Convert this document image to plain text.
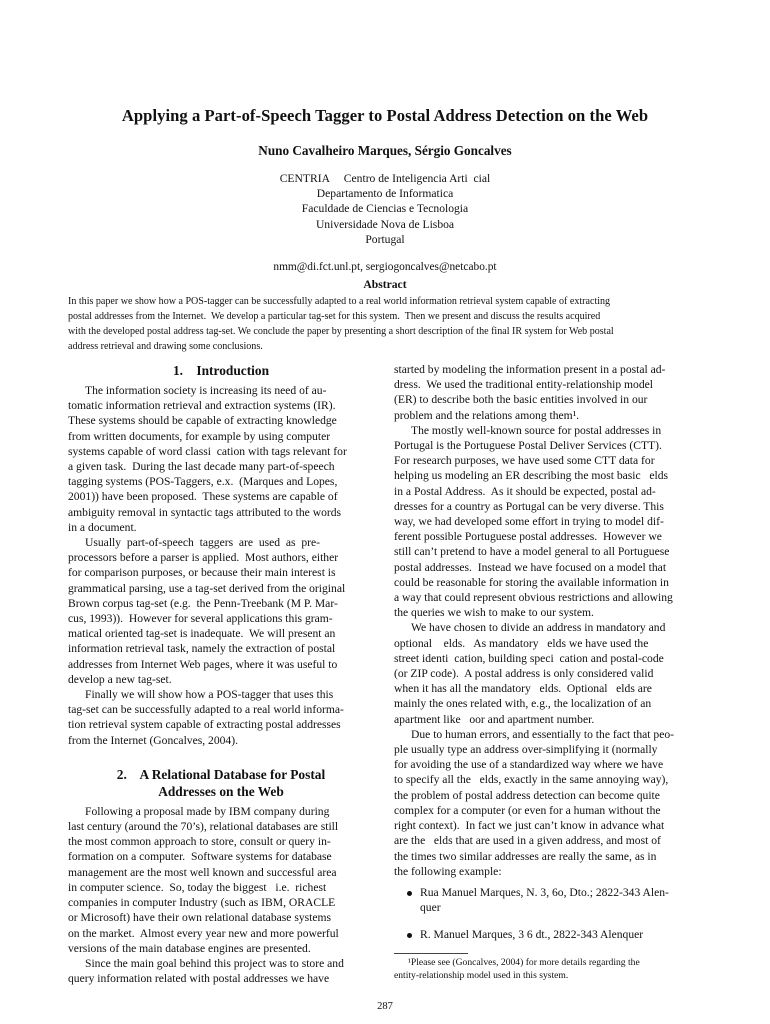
Applying a Part-of-Speech Tagger to Postal Address Detection on the Web
Nuno Cavalheiro Marques, Sérgio Goncalves
CENTRIA     Centro de Inteligencia Arti  cial
Departamento de Informatica
Faculdade de Ciencias e Tecnologia
Universidade Nova de Lisboa
Portugal
nmm@di.fct.unl.pt, sergiogoncalves@netcabo.pt
Abstract
In this paper we show how a POS-tagger can be successfully adapted to a real world information retrieval system capable of extracting
postal addresses from the Internet.  We develop a particular tag-set for this system.  Then we present and discuss the results acquired
with the developed postal address tag-set. We conclude the paper by presenting a short description of the final IR system for Web postal
address retrieval and drawing some conclusions.
1.    Introduction
The information society is increasing its need of au-
tomatic information retrieval and extraction systems (IR).
These systems should be capable of extracting knowledge
from written documents, for example by using computer
systems capable of word classi  cation with tags relevant for
a given task.  During the last decade many part-of-speech
tagging systems (POS-Taggers, e.x.  (Marques and Lopes,
2001)) have been proposed.  These systems are capable of
ambiguity removal in syntactic tags attributed to the words
in a document.
Usually  part-of-speech  taggers  are  used  as  pre-
processors before a parser is applied.  Most authors, either
for comparison purposes, or because their main interest is
grammatical parsing, use a tag-set derived from the original
Brown corpus tag-set (e.g.  the Penn-Treebank (M P. Mar-
cus, 1993)).  However for several applications this gram-
matical oriented tag-set is inadequate.  We will present an
information retrieval task, namely the extraction of postal
addresses from Internet Web pages, where it was useful to
develop a new tag-set.
Finally we will show how a POS-tagger that uses this
tag-set can be successfully adapted to a real world informa-
tion retrieval system capable of extracting postal addresses
from the Internet (Goncalves, 2004).
2.    A Relational Database for Postal
Addresses on the Web
Following a proposal made by IBM company during
last century (around the 70’s), relational databases are still
the most common approach to store, consult or query in-
formation on a computer.  Software systems for database
management are the most well known and successful area
in computer science.  So, today the biggest   i.e.  richest
companies in computer Industry (such as IBM, ORACLE
or Microsoft) have their own relational database systems
on the market.  Almost every year new and more powerful
versions of the main database engines are presented.
Since the main goal behind this project was to store and
query information related with postal addresses we have
started by modeling the information present in a postal ad-
dress.  We used the traditional entity-relationship model
(ER) to describe both the basic entities involved in our
problem and the relations among them¹.
The mostly well-known source for postal addresses in
Portugal is the Portuguese Postal Deliver Services (CTT).
For research purposes, we have used some CTT data for
helping us modeling an ER describing the most basic   elds
in a Postal Address.  As it should be expected, postal ad-
dresses for a country as Portugal can be very diverse. This
way, we had developed some effort in trying to model dif-
ferent possible Portuguese postal addresses.  However we
still can’t pretend to have a model general to all Portuguese
postal addresses.  Instead we have focused on a model that
could be reasonable for storing the available information in
a way that could represent obvious restrictions and allowing
the queries we wish to make to our system.
We have chosen to divide an address in mandatory and
optional    elds.   As mandatory   elds we have used the
street identi  cation, building speci  cation and postal-code
(or ZIP code).  A postal address is only considered valid
when it has all the mandatory   elds.  Optional   elds are
mainly the ones related with, e.g., the localization of an
apartment like   oor and apartment number.
Due to human errors, and essentially to the fact that peo-
ple usually type an address over-simplifying it (normally
for avoiding the use of a standardized way where we have
to specify all the   elds, exactly in the same annoying way),
the problem of postal address detection can become quite
complex for a computer (or even for a human without the
right context).  In fact we just can’t know in advance what
are the   elds that are used in a given address, and most of
the times two similar addresses are really the same, as in
the following example:
Rua Manuel Marques, N. 3, 6o, Dto.; 2822-343 Alen-
quer
R. Manuel Marques, 3 6 dt., 2822-343 Alenquer
¹Please see (Goncalves, 2004) for more details regarding the
entity-relationship model used in this system.
287
